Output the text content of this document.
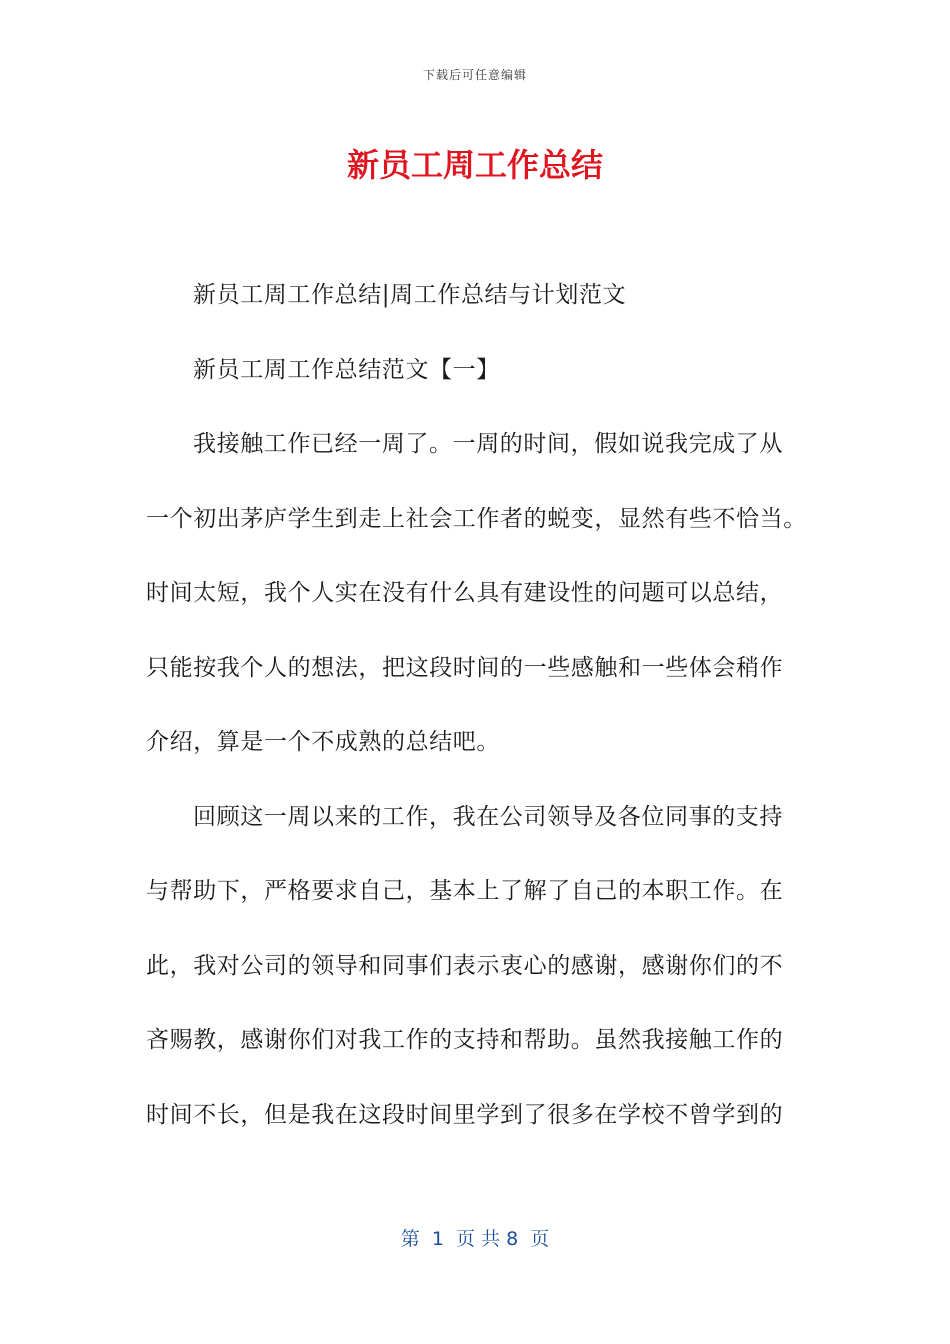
下载后可任意编辑
新员工周工作总结
新员工周工作总结|周工作总结与计划范文
新员工周工作总结范文【一】
我接触工作已经一周了。一周的时间，假如说我完成了从
一个初出茅庐学生到走上社会工作者的蜕变，显然有些不恰当。
时间太短，我个人实在没有什么具有建设性的问题可以总结，
只能按我个人的想法，把这段时间的一些感触和一些体会稍作
介绍，算是一个不成熟的总结吧。
回顾这一周以来的工作，我在公司领导及各位同事的支持
与帮助下，严格要求自己，基本上了解了自己的本职工作。在
此，我对公司的领导和同事们表示衷心的感谢，感谢你们的不
吝赐教，感谢你们对我工作的支持和帮助。虽然我接触工作的
时间不长，但是我在这段时间里学到了很多在学校不曾学到的
第  1  页 共 8  页
